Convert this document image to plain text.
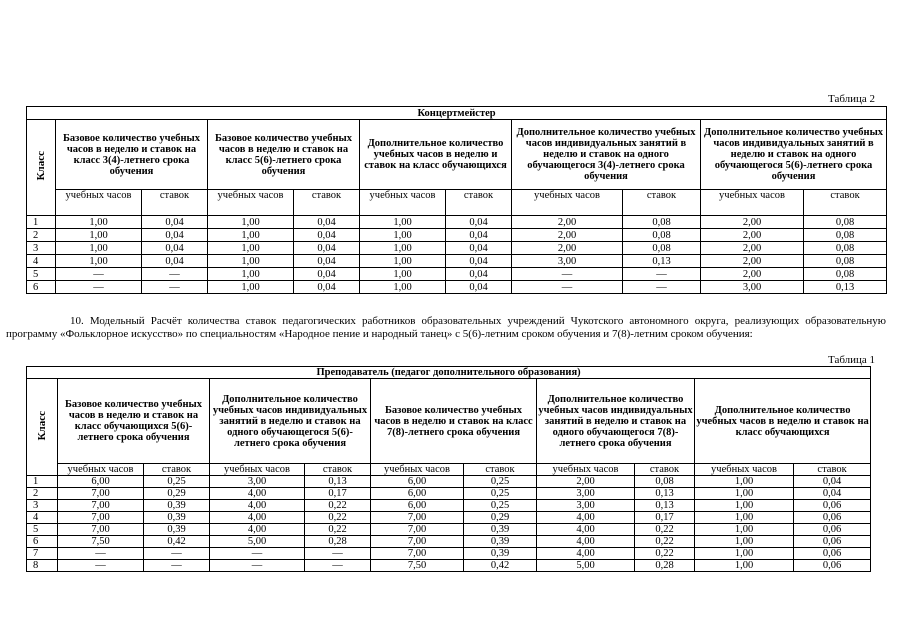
Таблица 2
Концертмейстер										
Класс	Базовое количество учебных часов в неделю и ставок на класс 3(4)-летнего срока обучения		Базовое количество учебных часов в неделю и ставок на класс 5(6)-летнего срока обучения		Дополнительное количество учебных часов в неделю и ставок на класс обучающихся		Дополнительное количество учебных часов индивидуальных занятий в неделю и ставок на одного обучающегося 3(4)-летнего срока обучения		Дополнительное количество учебных часов индивидуальных занятий в неделю и ставок на одного обучающегося 5(6)-летнего срока обучения	
	учебных часов	ставок	учебных часов	ставок	учебных часов	ставок	учебных часов	ставок	учебных часов	ставок
1	1,00	0,04	1,00	0,04	1,00	0,04	2,00	0,08	2,00	0,08
2	1,00	0,04	1,00	0,04	1,00	0,04	2,00	0,08	2,00	0,08
3	1,00	0,04	1,00	0,04	1,00	0,04	2,00	0,08	2,00	0,08
4	1,00	0,04	1,00	0,04	1,00	0,04	3,00	0,13	2,00	0,08
5	—	—	1,00	0,04	1,00	0,04	—	—	2,00	0,08
6	—	—	1,00	0,04	1,00	0,04	—	—	3,00	0,13
10. Модельный Расчёт количества ставок педагогических работников образовательных учреждений Чукотского автономного округа, реализующих образовательную программу «Фольклорное искусство» по специальностям «Народное пение и народный танец» с 5(6)-летним сроком обучения и 7(8)-летним сроком обучения:
Таблица 1
Преподаватель (педагог дополнительного образования)										
Класс	Базовое количество учебных часов в неделю и ставок на класс обучающихся 5(6)-летнего срока обучения		Дополнительное количество учебных часов индивидуальных занятий в неделю и ставок на одного обучающегося 5(6)-летнего срока обучения		Базовое количество учебных часов в неделю и ставок на класс 7(8)-летнего срока обучения		Дополнительное количество учебных часов индивидуальных занятий в неделю и ставок на одного обучающегося 7(8)-летнего срока обучения		Дополнительное количество учебных часов в неделю и ставок на класс обучающихся	
	учебных часов	ставок	учебных часов	ставок	учебных часов	ставок	учебных часов	ставок	учебных часов	ставок
1	6,00	0,25	3,00	0,13	6,00	0,25	2,00	0,08	1,00	0,04
2	7,00	0,29	4,00	0,17	6,00	0,25	3,00	0,13	1,00	0,04
3	7,00	0,39	4,00	0,22	6,00	0,25	3,00	0,13	1,00	0,06
4	7,00	0,39	4,00	0,22	7,00	0,29	4,00	0,17	1,00	0,06
5	7,00	0,39	4,00	0,22	7,00	0,39	4,00	0,22	1,00	0,06
6	7,50	0,42	5,00	0,28	7,00	0,39	4,00	0,22	1,00	0,06
7	—	—	—	—	7,00	0,39	4,00	0,22	1,00	0,06
8	—	—	—	—	7,50	0,42	5,00	0,28	1,00	0,06
